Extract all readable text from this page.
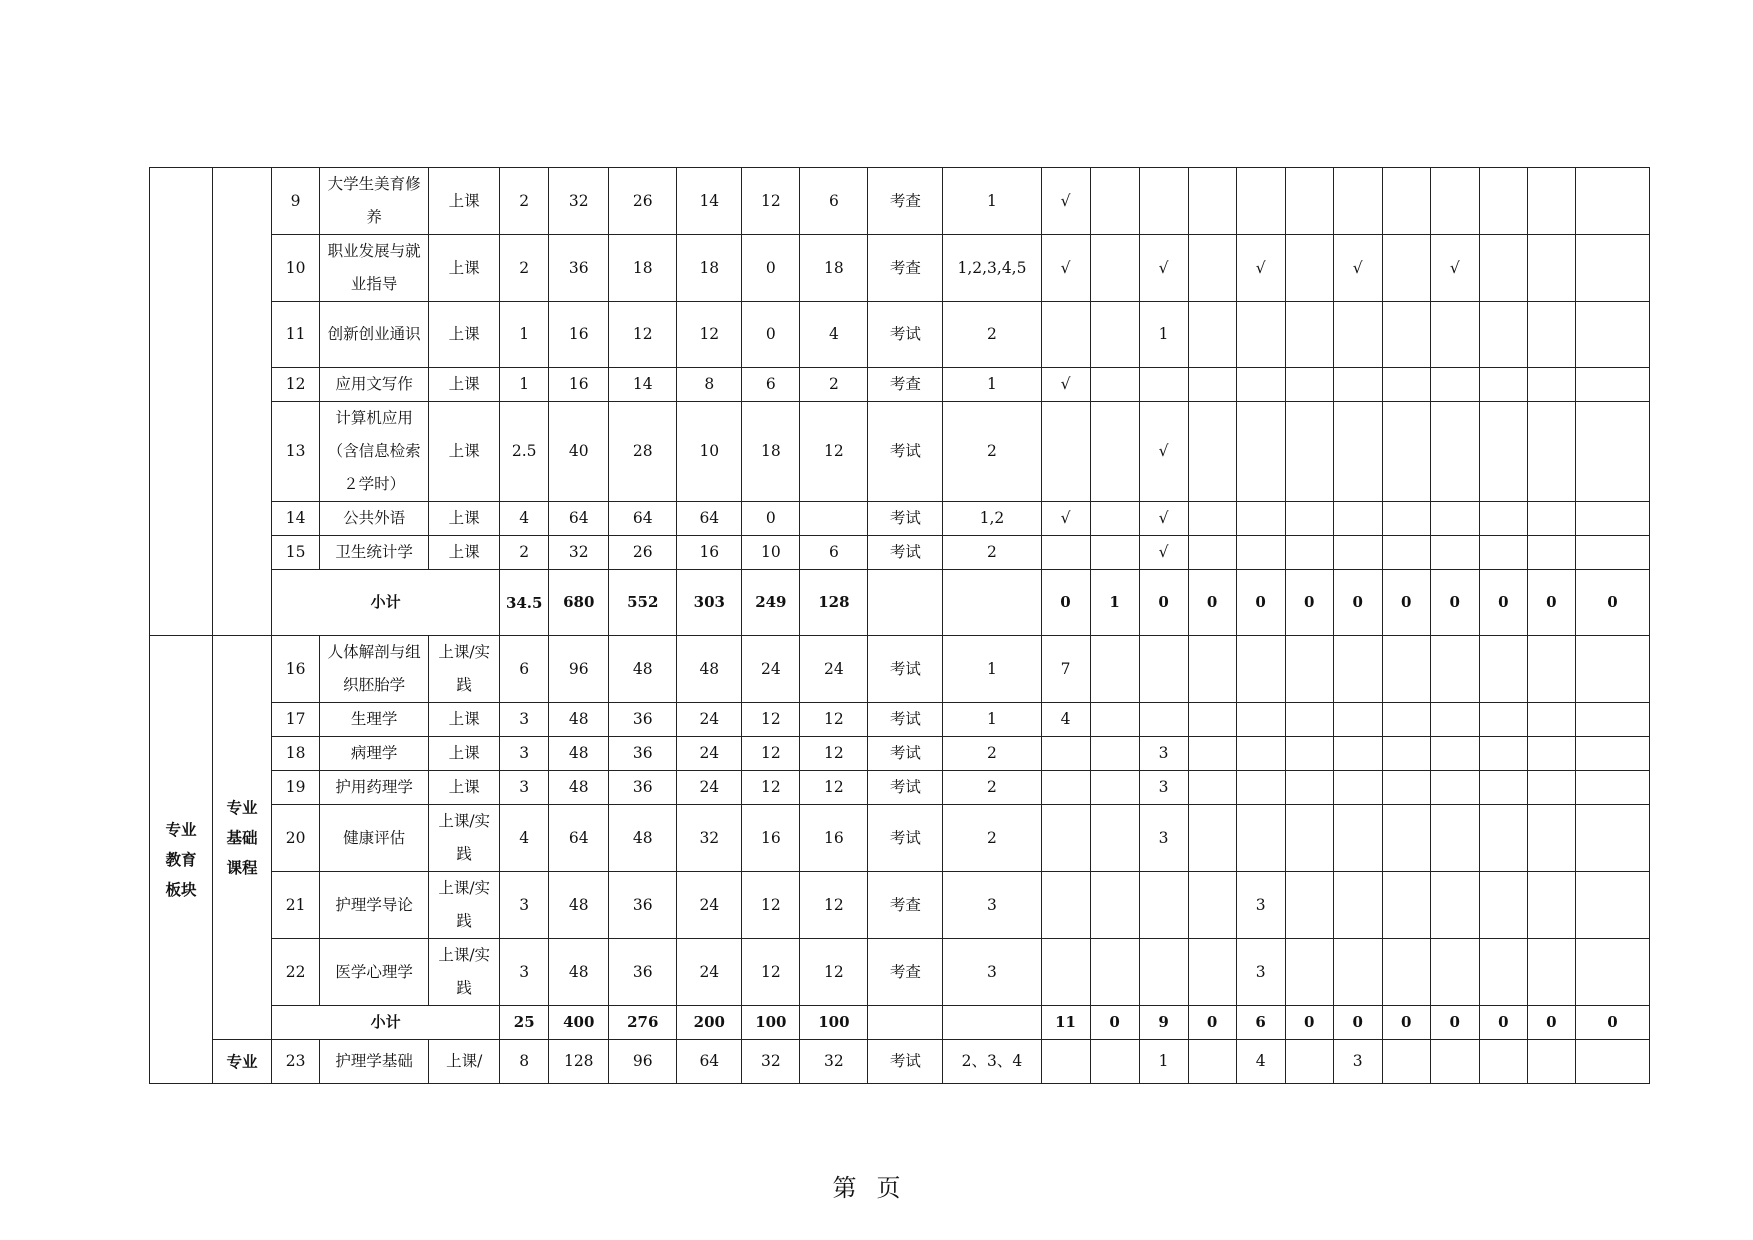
		9	大学生美育修养	上课	2	32	26	14	12	6	考查	1	√											
		10	职业发展与就业指导	上课	2	36	18	18	0	18	考查	1,2,3,4,5	√		√		√		√		√			
		11	创新创业通识	上课	1	16	12	12	0	4	考试	2			1									
		12	应用文写作	上课	1	16	14	8	6	2	考查	1	√											
		13	计算机应用（含信息检索２学时）	上课	2.5	40	28	10	18	12	考试	2			√									
		14	公共外语	上课	4	64	64	64	0		考试	1,2	√		√									
		15	卫生统计学	上课	2	32	26	16	10	6	考试	2			√									
		小计			34.5	680	552	303	249	128			0	1	0	0	0	0	0	0	0	0	0	0
专业教育板块	专业基础课程	16	人体解剖与组织胚胎学	上课/实践	6	96	48	48	24	24	考试	1	7											
		17	生理学	上课	3	48	36	24	12	12	考试	1	4											
		18	病理学	上课	3	48	36	24	12	12	考试	2			3									
		19	护用药理学	上课	3	48	36	24	12	12	考试	2			3									
		20	健康评估	上课/实践	4	64	48	32	16	16	考试	2			3									
		21	护理学导论	上课/实践	3	48	36	24	12	12	考查	3					3							
		22	医学心理学	上课/实践	3	48	36	24	12	12	考查	3					3							
		小计			25	400	276	200	100	100			11	0	9	0	6	0	0	0	0	0	0	0
	专业	23	护理学基础	上课/	8	128	96	64	32	32	考试	2、3、4			1		4		3					
第页
